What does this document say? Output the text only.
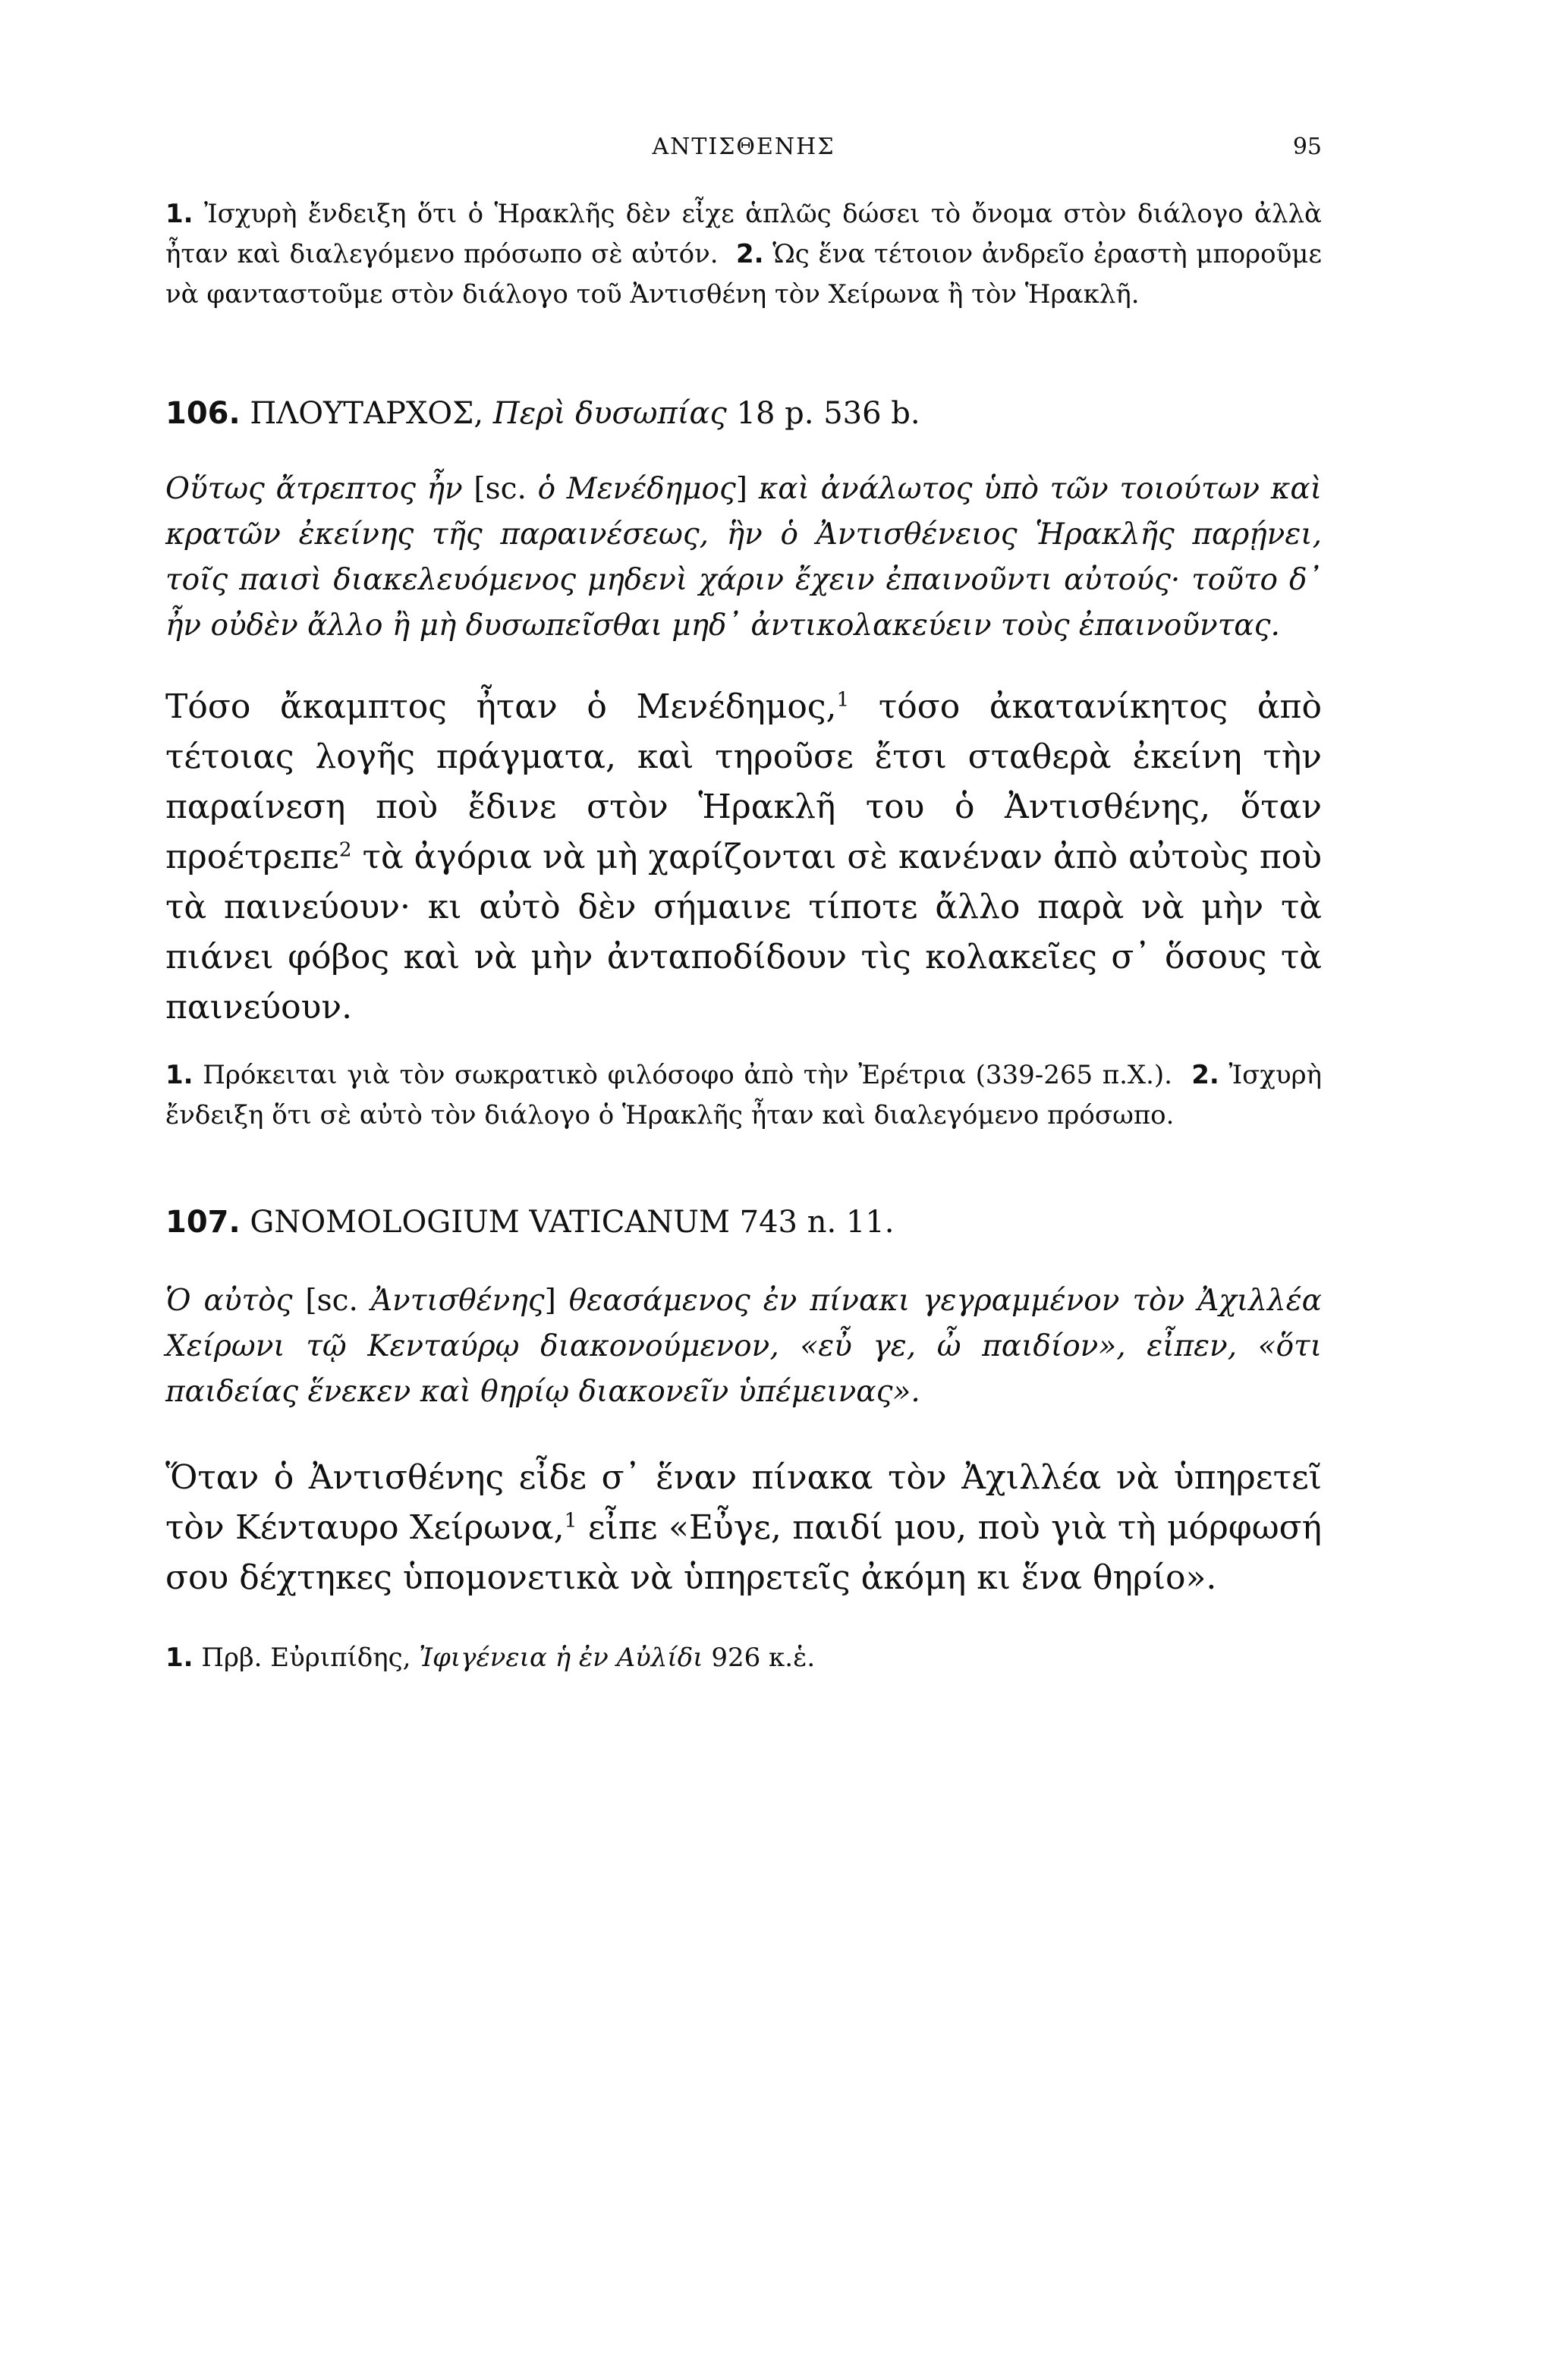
ΑΝΤΙΣΘΕΝΗΣ	95

1. Ἰσχυρὴ ἔνδειξη ὅτι ὁ Ἡρακλῆς δὲν εἶχε ἁπλῶς δώσει τὸ ὄνομα στὸν διάλογο ἀλλὰ ἦταν καὶ διαλεγόμενο πρόσωπο σὲ αὐτόν. 2. Ὡς ἕνα τέτοιον ἀνδρεῖο ἐραστὴ μποροῦμε νὰ φανταστοῦμε στὸν διάλογο τοῦ Ἀντισθένη τὸν Χείρωνα ἢ τὸν Ἡρακλῆ.

106. ΠΛΟΥΤΑΡΧΟΣ, Περὶ δυσωπίας 18 p. 536 b.

Οὕτως ἄτρεπτος ἦν [sc. ὁ Μενέδημος] καὶ ἀνάλωτος ὑπὸ τῶν τοιούτων καὶ κρατῶν ἐκείνης τῆς παραινέσεως, ἣν ὁ Ἀντισθένειος Ἡρακλῆς παρῄνει, τοῖς παισὶ διακελευόμενος μηδενὶ χάριν ἔχειν ἐπαινοῦντι αὐτούς· τοῦτο δ᾽ ἦν οὐδὲν ἄλλο ἢ μὴ δυσωπεῖσθαι μηδ᾽ ἀντικολακεύειν τοὺς ἐπαινοῦντας.

Τόσο ἄκαμπτος ἦταν ὁ Μενέδημος,$^1$ τόσο ἀκατανίκητος ἀπὸ τέτοιας λογῆς πράγματα, καὶ τηροῦσε ἔτσι σταθερὰ ἐκείνη τὴν παραίνεση ποὺ ἔδινε στὸν Ἡρακλῆ του ὁ Ἀντισθένης, ὅταν προέτρεπε$^2$ τὰ ἀγόρια νὰ μὴ χαρίζονται σὲ κανέναν ἀπὸ αὐτοὺς ποὺ τὰ παινεύουν· κι αὐτὸ δὲν σήμαινε τίποτε ἄλλο παρὰ νὰ μὴν τὰ πιάνει φόβος καὶ νὰ μὴν ἀνταποδίδουν τὶς κολακεῖες σ᾽ ὅσους τὰ παινεύουν.

1. Πρόκειται γιὰ τὸν σωκρατικὸ φιλόσοφο ἀπὸ τὴν Ἐρέτρια (339-265 π.Χ.). 2. Ἰσχυρὴ ἔνδειξη ὅτι σὲ αὐτὸ τὸν διάλογο ὁ Ἡρακλῆς ἦταν καὶ διαλεγόμενο πρόσωπο.

107. GNOMOLOGIUM VATICANUM 743 n. 11.

Ὁ αὐτὸς [sc. Ἀντισθένης] θεασάμενος ἐν πίνακι γεγραμμένον τὸν Ἀχιλλέα Χείρωνι τῷ Κενταύρῳ διακονούμενον, «εὖ γε, ὦ παιδίον», εἶπεν, «ὅτι παιδείας ἕνεκεν καὶ θηρίῳ διακονεῖν ὑπέμεινας».

Ὅταν ὁ Ἀντισθένης εἶδε σ᾽ ἕναν πίνακα τὸν Ἀχιλλέα νὰ ὑπηρετεῖ τὸν Κένταυρο Χείρωνα,$^1$ εἶπε «Εὖγε, παιδί μου, ποὺ γιὰ τὴ μόρφωσή σου δέχτηκες ὑπομονετικὰ νὰ ὑπηρετεῖς ἀκόμη κι ἕνα θηρίο».

1. Πρβ. Εὐριπίδης, Ἰφιγένεια ἡ ἐν Αὐλίδι 926 κ.ἑ.
